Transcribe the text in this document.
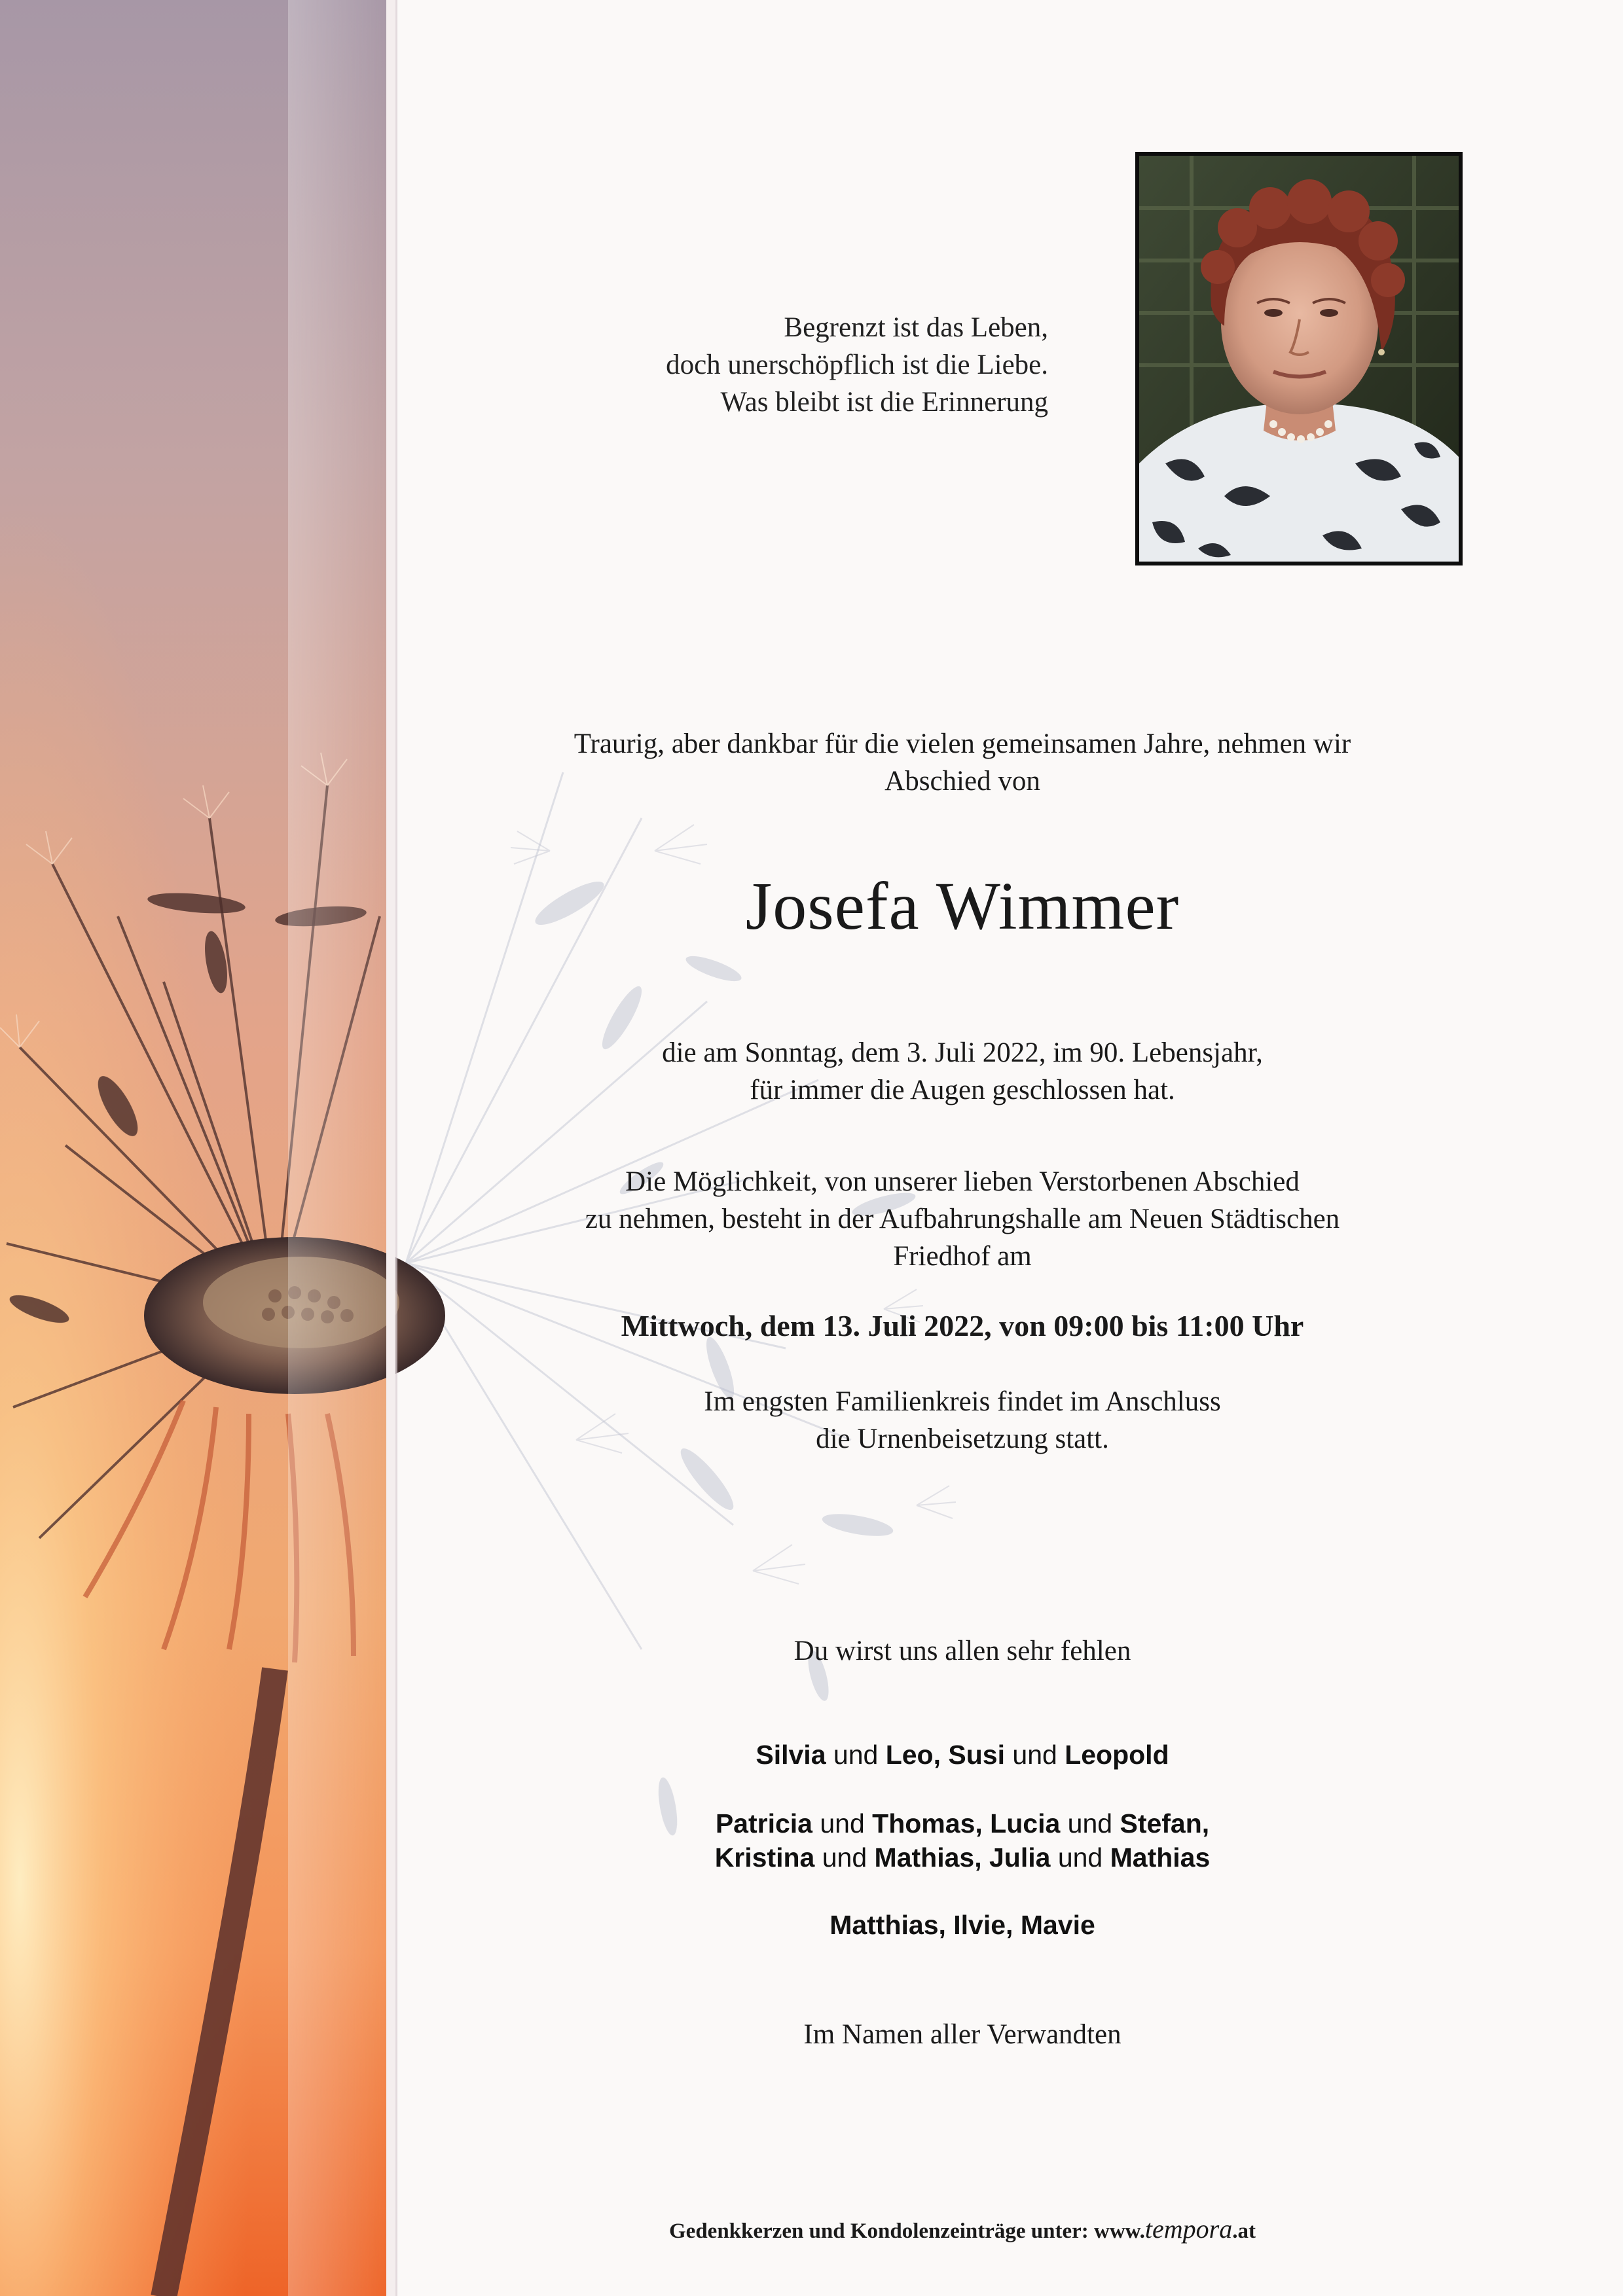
Begrenzt ist das Leben,
doch unerschöpflich ist die Liebe.
Was bleibt ist die Erinnerung
Traurig, aber dankbar für die vielen gemeinsamen Jahre, nehmen wir
Abschied von
Josefa Wimmer
die am Sonntag, dem 3. Juli 2022, im 90. Lebensjahr,
für immer die Augen geschlossen hat.
Die Möglichkeit, von unserer lieben Verstorbenen Abschied
zu nehmen, besteht in der Aufbahrungshalle am Neuen Städtischen
Friedhof am
Mittwoch, dem 13. Juli 2022, von 09:00 bis 11:00 Uhr
Im engsten Familienkreis findet im Anschluss
die Urnenbeisetzung statt.
Du wirst uns allen sehr fehlen
Silvia und Leo, Susi und Leopold
Patricia und Thomas, Lucia und Stefan,
Kristina und Mathias, Julia und Mathias
Matthias, Ilvie, Mavie
Im Namen aller Verwandten
Gedenkkerzen und Kondolenzeinträge unter: www.tempora.at
